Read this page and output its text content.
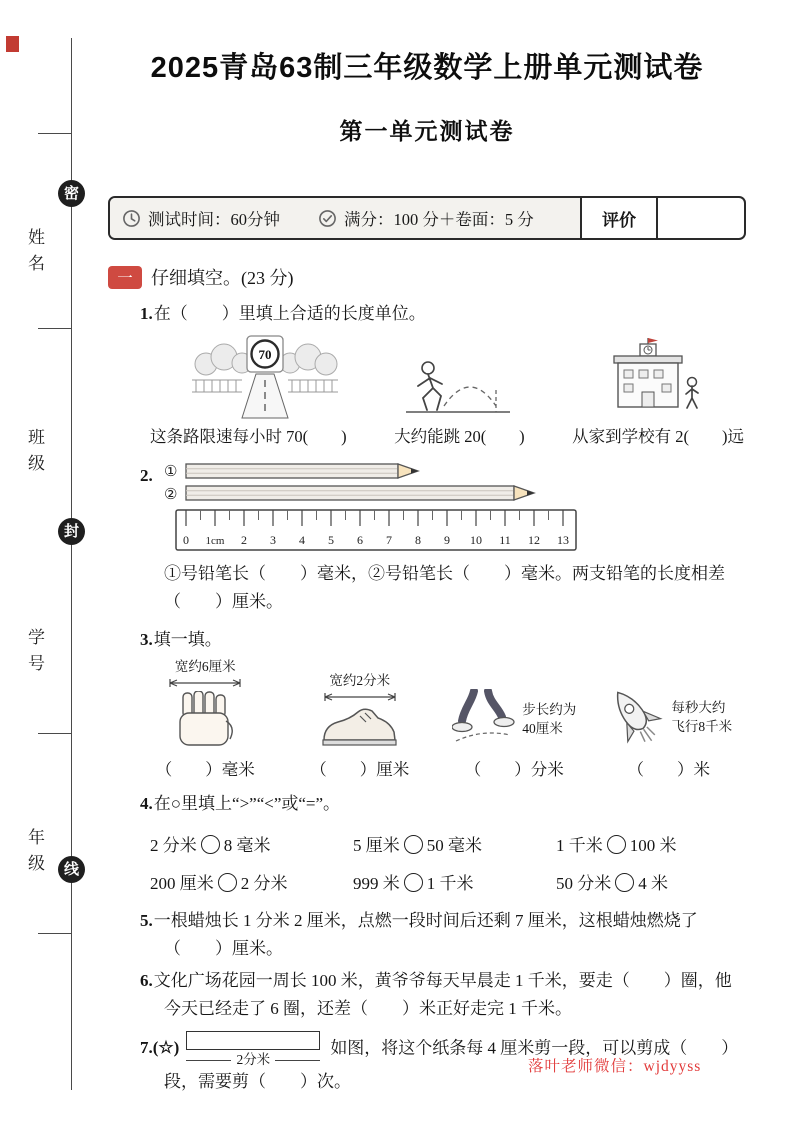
密
封
线
姓名
班级
学号
年级
2025青岛63制三年级数学上册单元测试卷
第一单元测试卷
测试时间：60分钟	满分：100 分＋卷面：5 分	评价
一	仔细填空。(23 分)
1.在（　　）里填上合适的长度单位。
70
这条路限速每小时 70(　　)	大约能跳 20(　　)	从家到学校有 2(　　)远
2. ①
②
0 1cm 2 3 4 5 6 7 8 9 10 11 12 13
①号铅笔长（　　）毫米，②号铅笔长（　　）毫米。两支铅笔的长度相差
（　　）厘米。
3.填一填。
宽约6厘米
（　　）毫米
宽约2分米
（　　）厘米
步长约为
40厘米
（　　）分米
每秒大约
飞行8千米
（　　）米
4.在○里填上“>”“<”或“=”。
2 分米 8 毫米	5 厘米 50 毫米	1 千米 100 米
200 厘米 2 分米	999 米 1 千米	50 分米 4 米
5.一根蜡烛长 1 分米 2 厘米，点燃一段时间后还剩 7 厘米，这根蜡烛燃烧了
（　　）厘米。
6.文化广场花园一周长 100 米，黄爷爷每天早晨走 1 千米，要走（　　）圈，他
今天已经走了 6 圈，还差（　　）米正好走完 1 千米。
7.(☆)
2分米
如图，将这个纸条每 4 厘米剪一段，可以剪成（　　）
段，需要剪（　　）次。
落叶老师微信：wjdyyss
